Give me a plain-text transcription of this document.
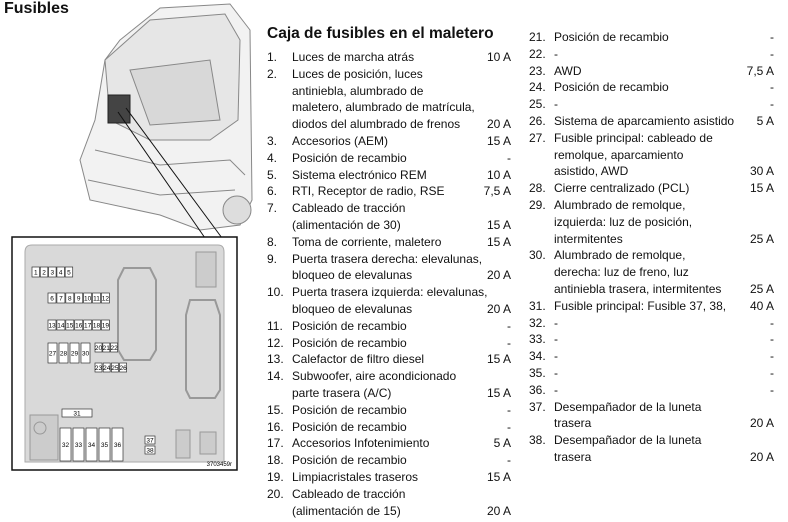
Fusibles
1 2 3 4 5
6 7 8 9 10 11 12
13 14 15 16 17 18 19
27 28 29 30
20 21 22
23 24 25 26
31
32 33 34 35 36
37
38
3703459r
Caja de fusibles en el maletero
1.	Luces de marcha atrás	10 A
2.	Luces de posición, luces
antiniebla, alumbrado de
maletero, alumbrado de matrícula,
diodos del alumbrado de frenos	20 A
3.	Accesorios (AEM)	15 A
4.	Posición de recambio	-
5.	Sistema electrónico REM	10 A
6.	RTI, Receptor de radio, RSE	7,5 A
7.	Cableado de tracción
(alimentación de 30)	15 A
8.	Toma de corriente, maletero	15 A
9.	Puerta trasera derecha: elevalunas,
bloqueo de elevalunas	20 A
10. Puerta trasera izquierda: elevalunas,
bloqueo de elevalunas	20 A
11. Posición de recambio	-
12. Posición de recambio	-
13. Calefactor de filtro diesel	15 A
14. Subwoofer, aire acondicionado
parte trasera (A/C)	15 A
15. Posición de recambio	-
16. Posición de recambio	-
17. Accesorios Infotenimiento	5 A
18. Posición de recambio	-
19. Limpiacristales traseros	15 A
20. Cableado de tracción
(alimentación de 15)	20 A
21. Posición de recambio	-
22. -	-
23. AWD	7,5 A
24. Posición de recambio	-
25. -	-
26. Sistema de aparcamiento asistido	5 A
27. Fusible principal: cableado de
remolque, aparcamiento
asistido, AWD	30 A
28. Cierre centralizado (PCL)	15 A
29. Alumbrado de remolque,
izquierda: luz de posición,
intermitentes	25 A
30. Alumbrado de remolque,
derecha: luz de freno, luz
antiniebla trasera, intermitentes	25 A
31. Fusible principal: Fusible 37, 38,	40 A
32. -	-
33. -	-
34. -	-
35. -	-
36. -	-
37. Desempañador de la luneta
trasera	20 A
38. Desempañador de la luneta
trasera	20 A
